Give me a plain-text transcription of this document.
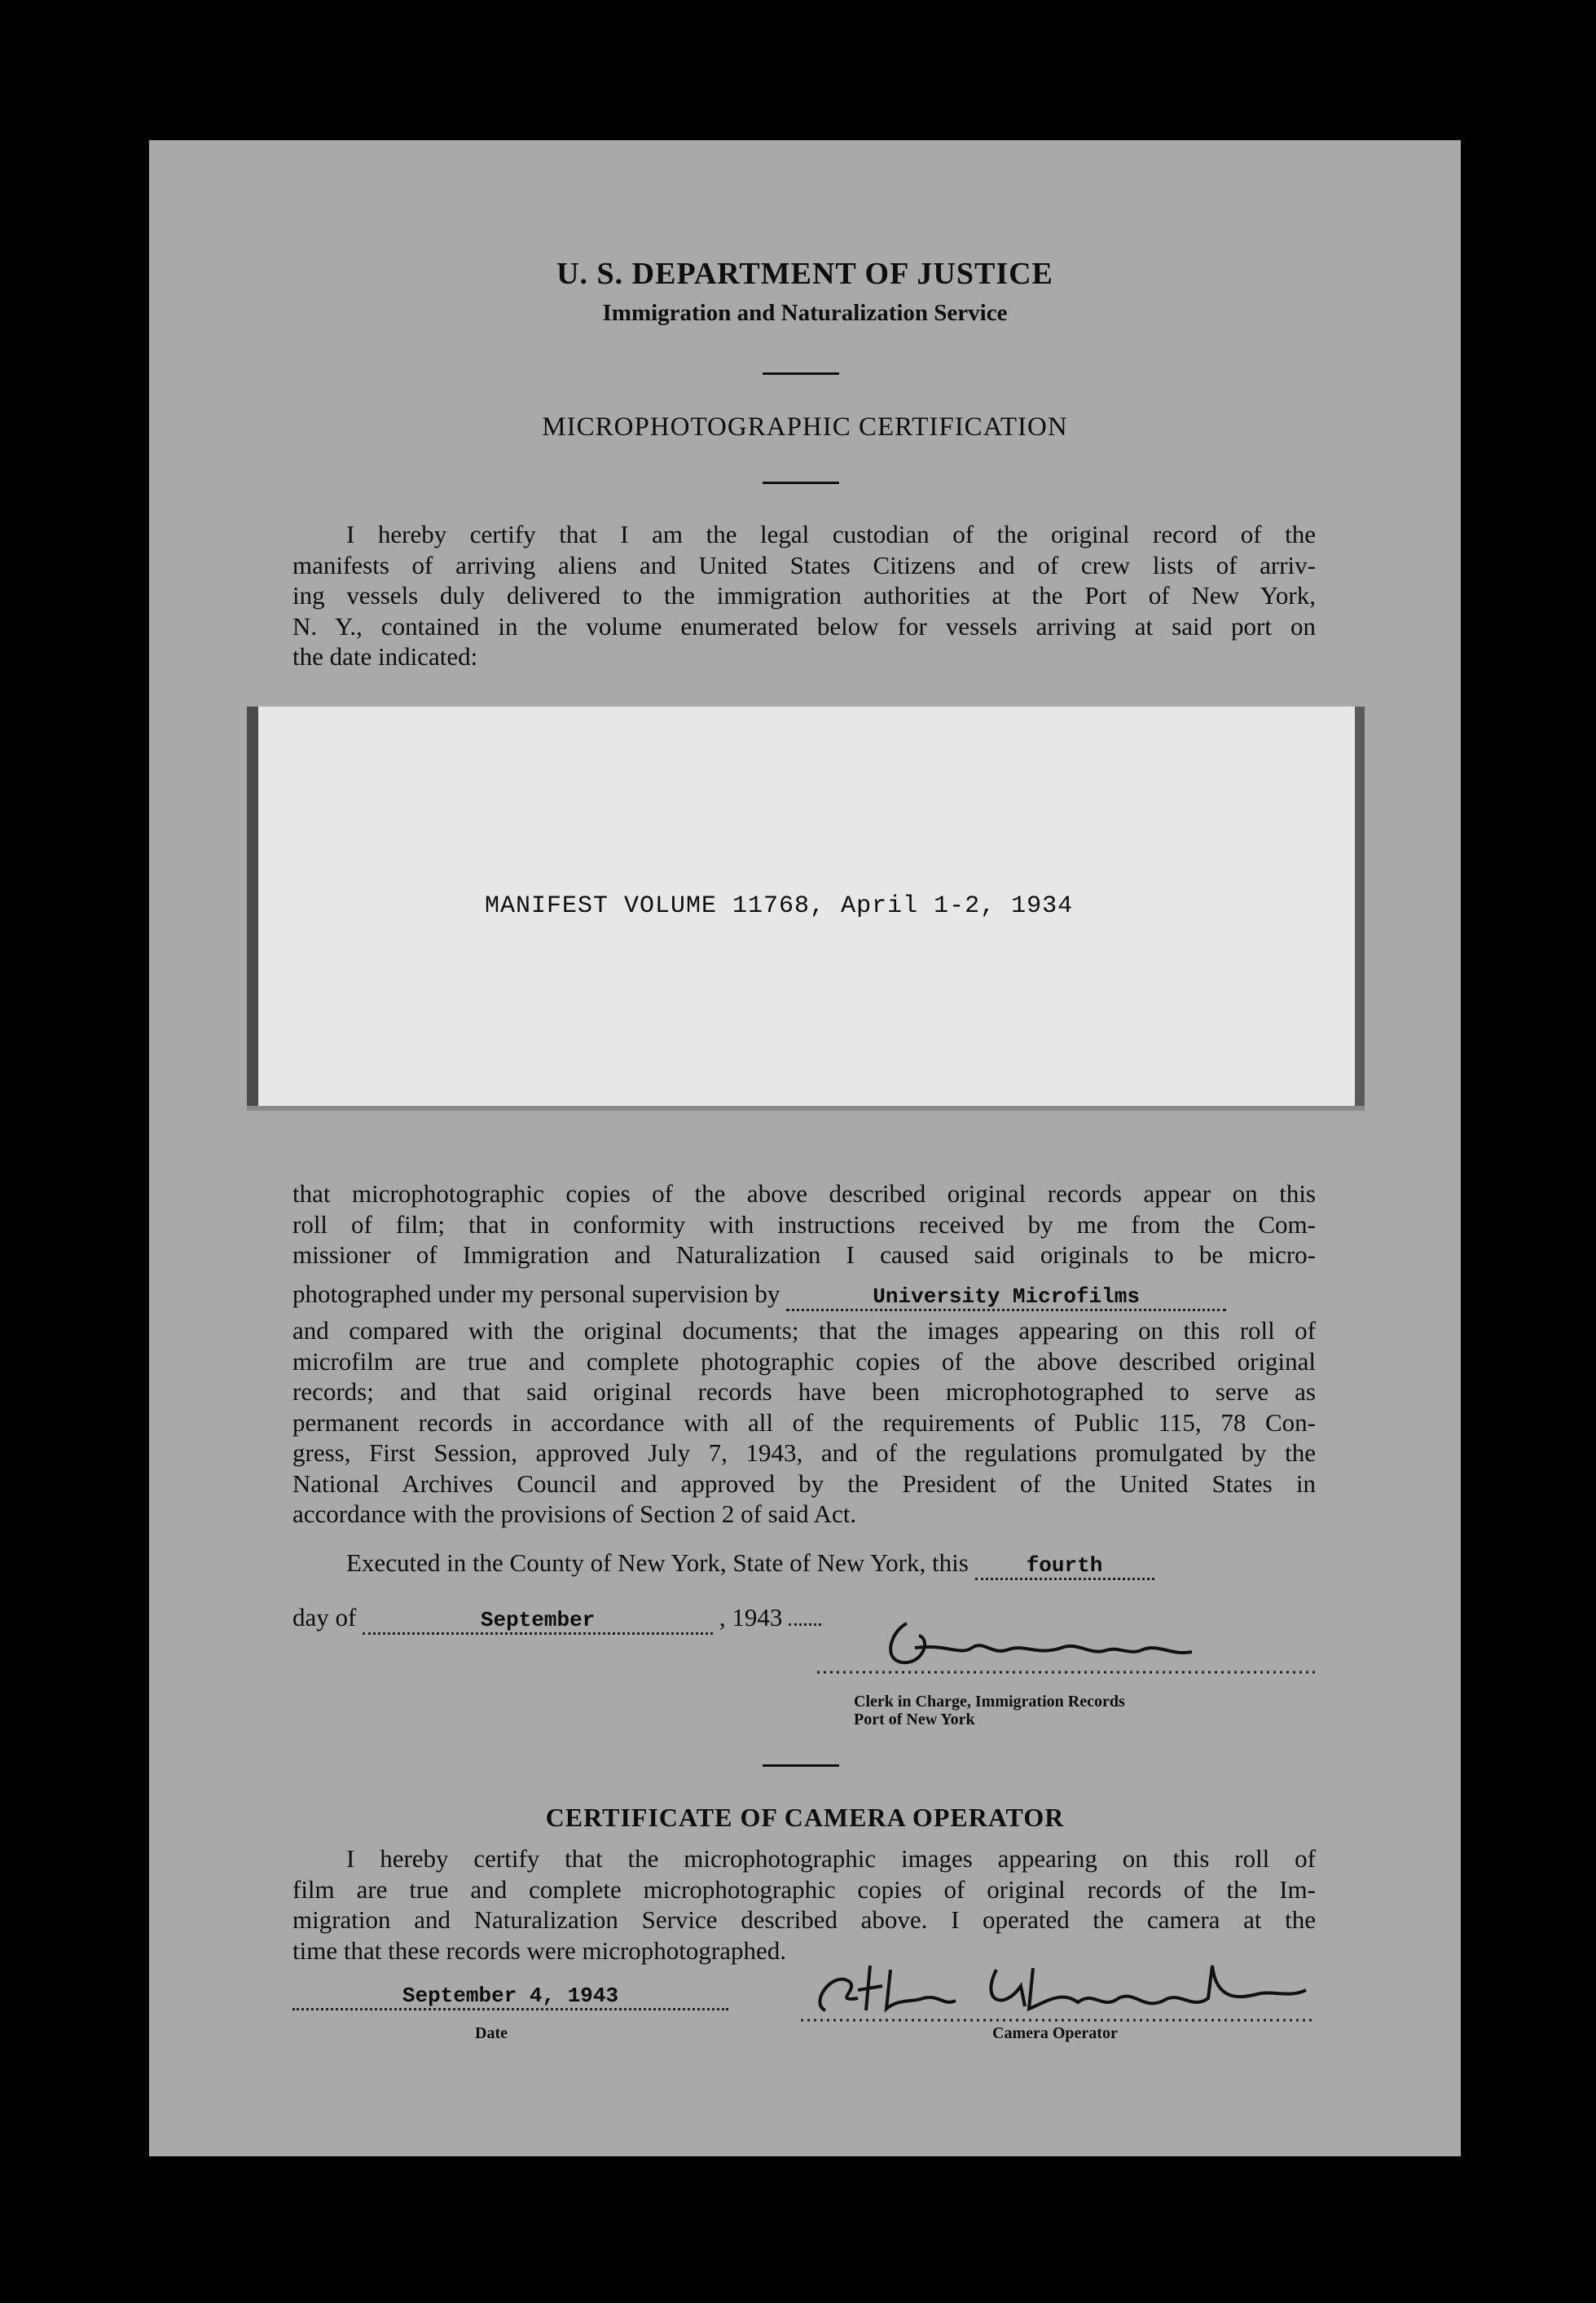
U. S. DEPARTMENT OF JUSTICE
Immigration and Naturalization Service
MICROPHOTOGRAPHIC CERTIFICATION

I hereby certify that I am the legal custodian of the original record of the
manifests of arriving aliens and United States Citizens and of crew lists of arriv-
ing vessels duly delivered to the immigration authorities at the Port of New York,
N. Y., contained in the volume enumerated below for vessels arriving at said port on
the date indicated:

MANIFEST VOLUME 11768, April 1-2, 1934

that microphotographic copies of the above described original records appear on this
roll of film; that in conformity with instructions received by me from the Com-
missioner of Immigration and Naturalization I caused said originals to be micro-

photographed under my personal supervision by	University Microfilms

and compared with the original documents; that the images appearing on this roll of
microfilm are true and complete photographic copies of the above described original
records; and that said original records have been microphotographed to serve as
permanent records in accordance with all of the requirements of Public 115, 78 Con-
gress, First Session, approved July 7, 1943, and of the regulations promulgated by the
National Archives Council and approved by the President of the United States in
accordance with the provisions of Section 2 of said Act.

Executed in the County of New York, State of New York, this	fourth
day of	September	, 1943
Geo Neara
Clerk in Charge, Immigration Records
Port of New York
CERTIFICATE OF CAMERA OPERATOR

I hereby certify that the microphotographic images appearing on this roll of
film are true and complete microphotographic copies of original records of the Im-
migration and Naturalization Service described above. I operated the camera at the
time that these records were microphotographed.

September 4, 1943
Date
Hallah Alexander
Camera Operator
